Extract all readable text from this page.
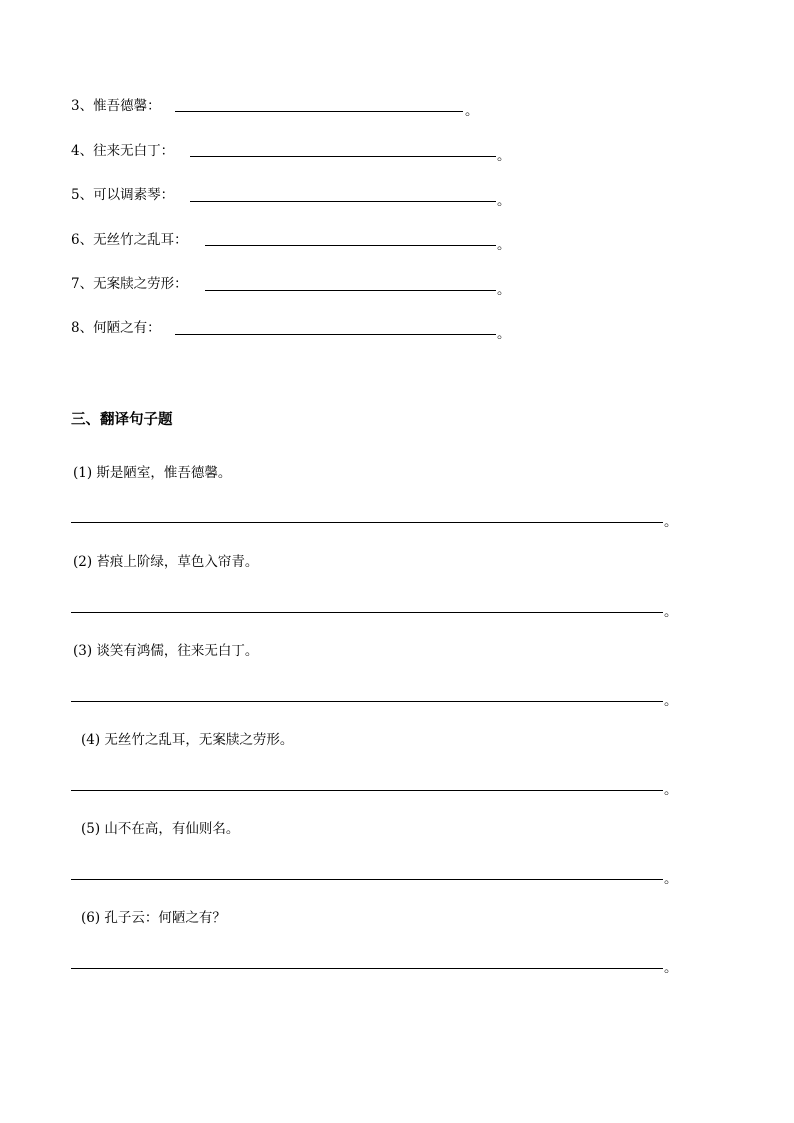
3、惟吾德馨：	。
4、往来无白丁：	。
5、可以调素琴：	。
6、无丝竹之乱耳：	。
7、无案牍之劳形：	。
8、何陋之有：	。
三、翻译句子题
(1) 斯是陋室，惟吾德馨。
。
(2) 苔痕上阶绿，草色入帘青。
。
(3) 谈笑有鸿儒，往来无白丁。
。
(4) 无丝竹之乱耳，无案牍之劳形。
。
(5) 山不在高，有仙则名。
。
(6) 孔子云：何陋之有？
。
